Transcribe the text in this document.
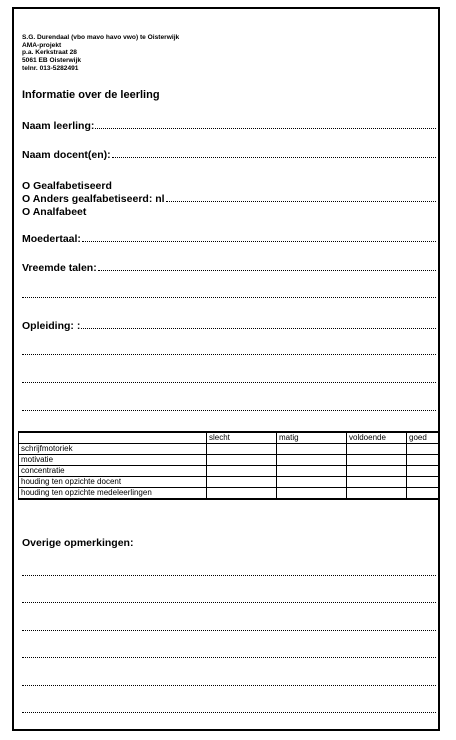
S.G. Durendaal (vbo mavo havo vwo) te Oisterwijk
AMA-projekt
p.a. Kerkstraat 28
5061 EB Oisterwijk
telnr. 013-5282491
Informatie over de leerling
Naam leerling:
Naam docent(en):
O Gealfabetiseerd
O Anders gealfabetiseerd: nl
O Analfabeet
Moedertaal:
Vreemde talen:
Opleiding: :
	slecht	matig	voldoende	goed
schrijfmotoriek				
motivatie				
concentratie				
houding ten opzichte docent				
houding ten opzichte medeleerlingen				
Overige opmerkingen:
